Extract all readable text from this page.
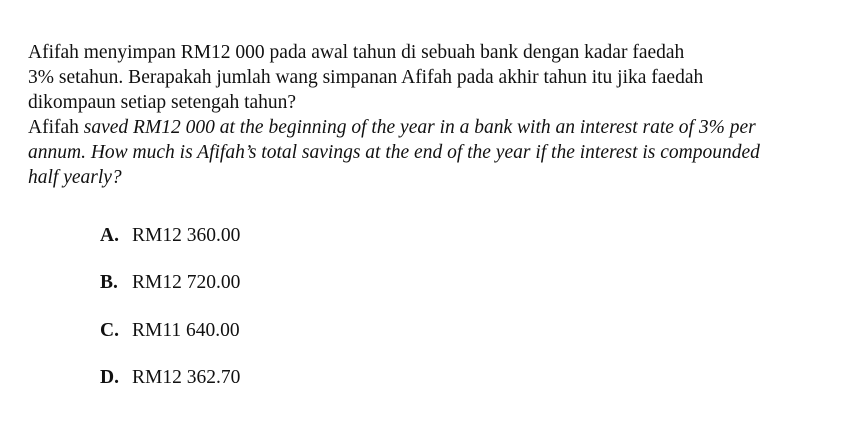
Afifah menyimpan RM12 000 pada awal tahun di sebuah bank dengan kadar faedah
3% setahun. Berapakah jumlah wang simpanan Afifah pada akhir tahun itu jika faedah
dikompaun setiap setengah tahun?

Afifah saved RM12 000 at the beginning of the year in a bank with an interest rate of 3% per
annum. How much is Afifah’s total savings at the end of the year if the interest is compounded
half yearly?

A. RM12 360.00
B. RM12 720.00
C. RM11 640.00
D. RM12 362.70
